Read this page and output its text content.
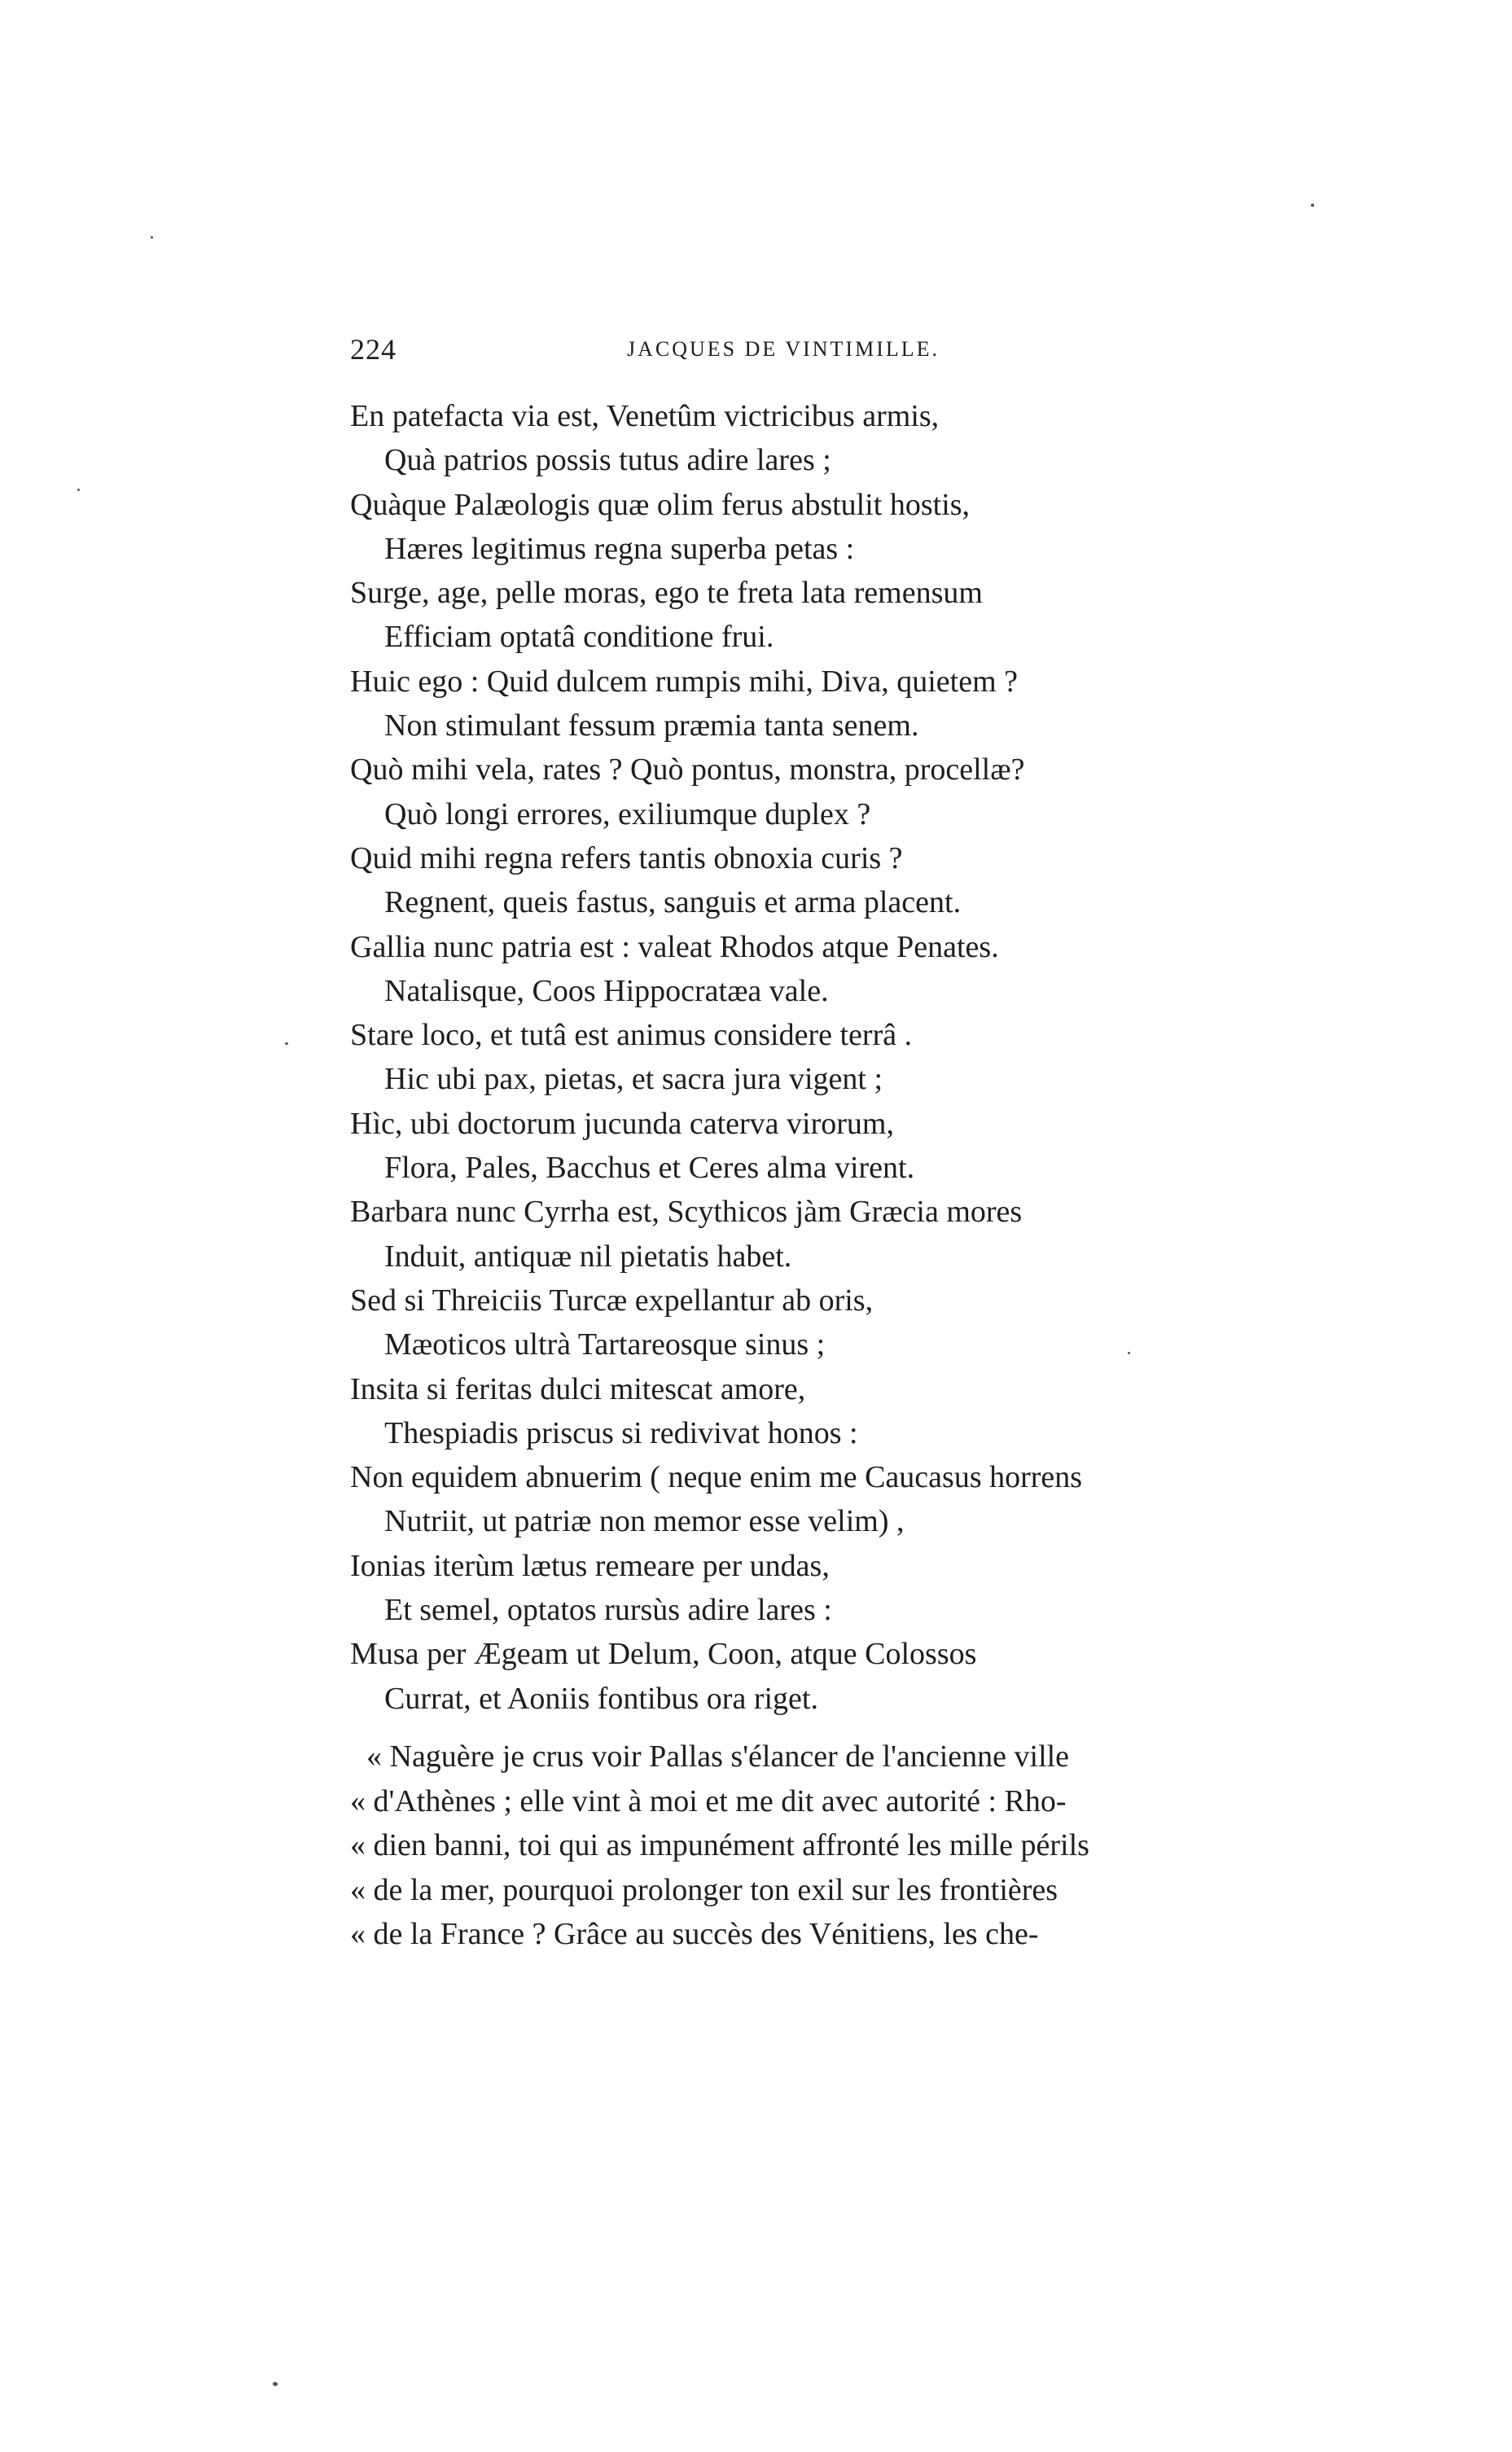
224	JACQUES DE VINTIMILLE.
En patefacta via est, Venetûm victricibus armis,
Quà patrios possis tutus adire lares ;
Quàque Palæologis quæ olim ferus abstulit hostis,
Hæres legitimus regna superba petas :
Surge, age, pelle moras, ego te freta lata remensum
Efficiam optatâ conditione frui.
Huic ego : Quid dulcem rumpis mihi, Diva, quietem ?
Non stimulant fessum præmia tanta senem.
Quò mihi vela, rates ? Quò pontus, monstra, procellæ?
Quò longi errores, exiliumque duplex ?
Quid mihi regna refers tantis obnoxia curis ?
Regnent, queis fastus, sanguis et arma placent.
Gallia nunc patria est : valeat Rhodos atque Penates.
Natalisque, Coos Hippocratæa vale.
Stare loco, et tutâ est animus considere terrâ .
Hic ubi pax, pietas, et sacra jura vigent ;
Hìc, ubi doctorum jucunda caterva virorum,
Flora, Pales, Bacchus et Ceres alma virent.
Barbara nunc Cyrrha est, Scythicos jàm Græcia mores
Induit, antiquæ nil pietatis habet.
Sed si Threiciis Turcæ expellantur ab oris,
Mæoticos ultrà Tartareosque sinus ;
Insita si feritas dulci mitescat amore,
Thespiadis priscus si redivivat honos :
Non equidem abnuerim ( neque enim me Caucasus horrens
Nutriit, ut patriæ non memor esse velim) ,
Ionias iterùm lætus remeare per undas,
Et semel, optatos rursùs adire lares :
Musa per Ægeam ut Delum, Coon, atque Colossos
Currat, et Aoniis fontibus ora riget.
« Naguère je crus voir Pallas s'élancer de l'ancienne ville
« d'Athènes ; elle vint à moi et me dit avec autorité : Rho-
« dien banni, toi qui as impunément affronté les mille périls
« de la mer, pourquoi prolonger ton exil sur les frontières
« de la France ? Grâce au succès des Vénitiens, les che-
